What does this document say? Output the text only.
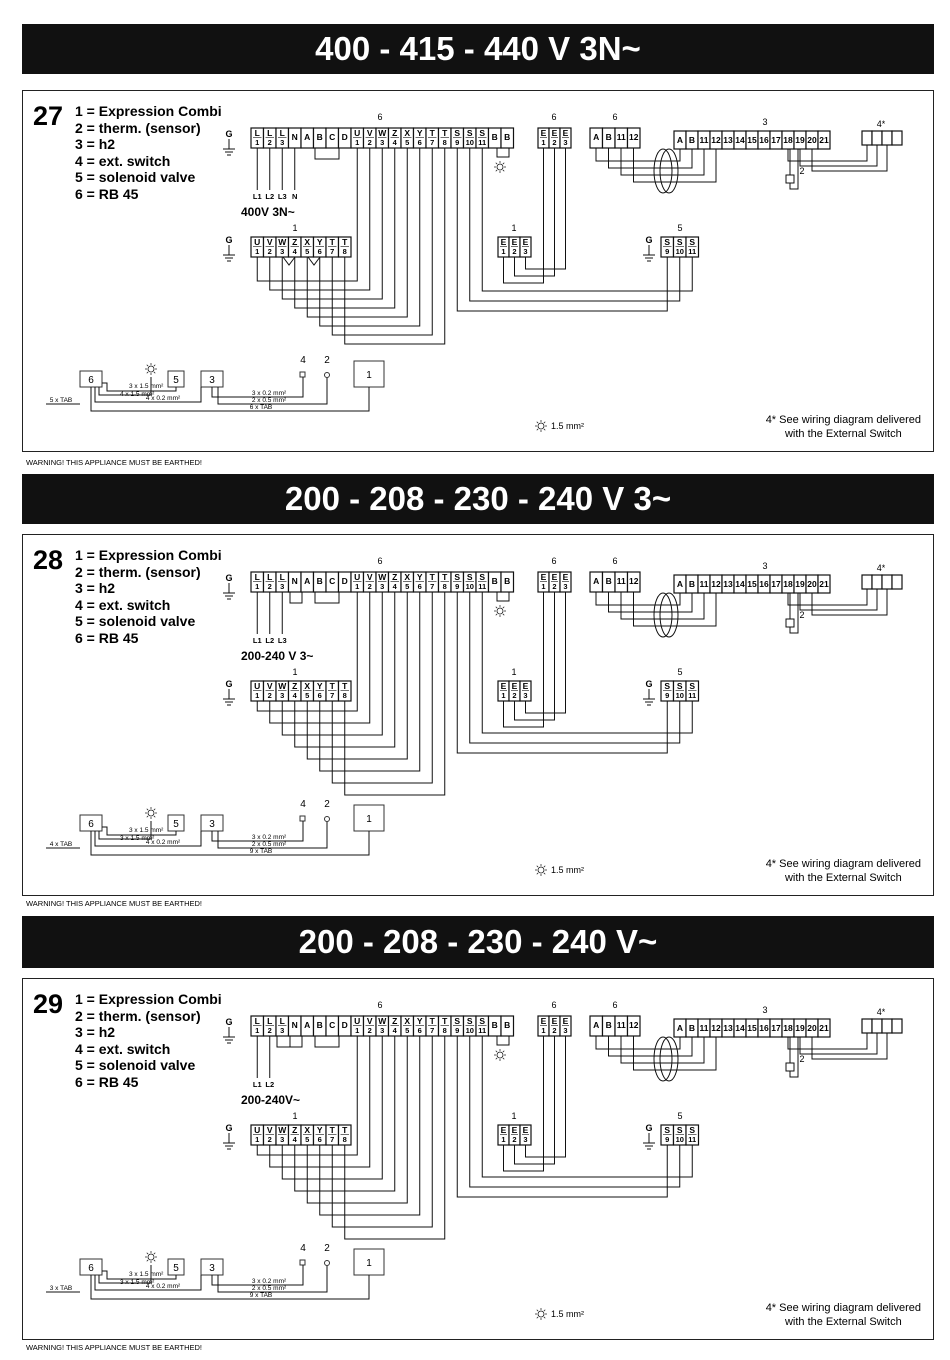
400 - 415 - 440 V 3N~
L
1
L
2
L
3
N A B C D U
1
V
2
W
3
Z
4
X
5
Y
6
T
7
T
8
S
9
S
10
S
11
B B
6
G
L1 L2 L3 N
U
1
V
2
W
3
Z
4
X
5
Y
6
T
7
T
8
1
G	S
9
S
10
S
11
5
G
E
1
E
2
E
3
6
E
1
E
2
E
3
1
A B 11 12
6
A B 11 12 13 14 15 16 17 18 19 20 21
3
2
4*
6	5	3	1
4 2
5 x TAB
3 x 1.5 mm²
4 x 1.5 mm²
4 x 0.2 mm²
3 x 0.2 mm²
2 x 0.5 mm²
6 x TAB
27 1 = Expression Combi
2 = therm. (sensor)
3 = h2
4 = ext. switch
5 = solenoid valve
6 = RB 45
400V 3N~
1.5 mm²	4* See wiring diagram delivered
with the External Switch
WARNING! THIS APPLIANCE MUST BE EARTHED!
200 - 208 - 230 - 240 V 3~
L
1
L
2
L
3
N A B C D U
1
V
2
W
3
Z
4
X
5
Y
6
T
7
T
8
S
9
S
10
S
11
B B
6
G
L1 L2 L3
U
1
V
2
W
3
Z
4
X
5
Y
6
T
7
T
8
1
G	S
9
S
10
S
11
5
G
E
1
E
2
E
3
6
E
1
E
2
E
3
1
A B 11 12
6
A B 11 12 13 14 15 16 17 18 19 20 21
3
2
4*
6	5	3	1
4 2
4 x TAB
3 x 1.5 mm²
3 x 1.5 mm²
4 x 0.2 mm²
3 x 0.2 mm²
2 x 0.5 mm²
9 x TAB
28 1 = Expression Combi
2 = therm. (sensor)
3 = h2
4 = ext. switch
5 = solenoid valve
6 = RB 45
200-240 V 3~
1.5 mm²	4* See wiring diagram delivered
with the External Switch
WARNING! THIS APPLIANCE MUST BE EARTHED!
200 - 208 - 230 - 240 V~
L
1
L
2
L
3
N A B C D U
1
V
2
W
3
Z
4
X
5
Y
6
T
7
T
8
S
9
S
10
S
11
B B
6
G
L1 L2
U
1
V
2
W
3
Z
4
X
5
Y
6
T
7
T
8
1
G	S
9
S
10
S
11
5
G
E
1
E
2
E
3
6
E
1
E
2
E
3
1
A B 11 12
6
A B 11 12 13 14 15 16 17 18 19 20 21
3
2
4*
6	5	3	1
4 2
3 x TAB
3 x 1.5 mm²
3 x 1.5 mm²
4 x 0.2 mm²
3 x 0.2 mm²
2 x 0.5 mm²
9 x TAB
29 1 = Expression Combi
2 = therm. (sensor)
3 = h2
4 = ext. switch
5 = solenoid valve
6 = RB 45
200-240V~
1.5 mm²	4* See wiring diagram delivered
with the External Switch
WARNING! THIS APPLIANCE MUST BE EARTHED!
